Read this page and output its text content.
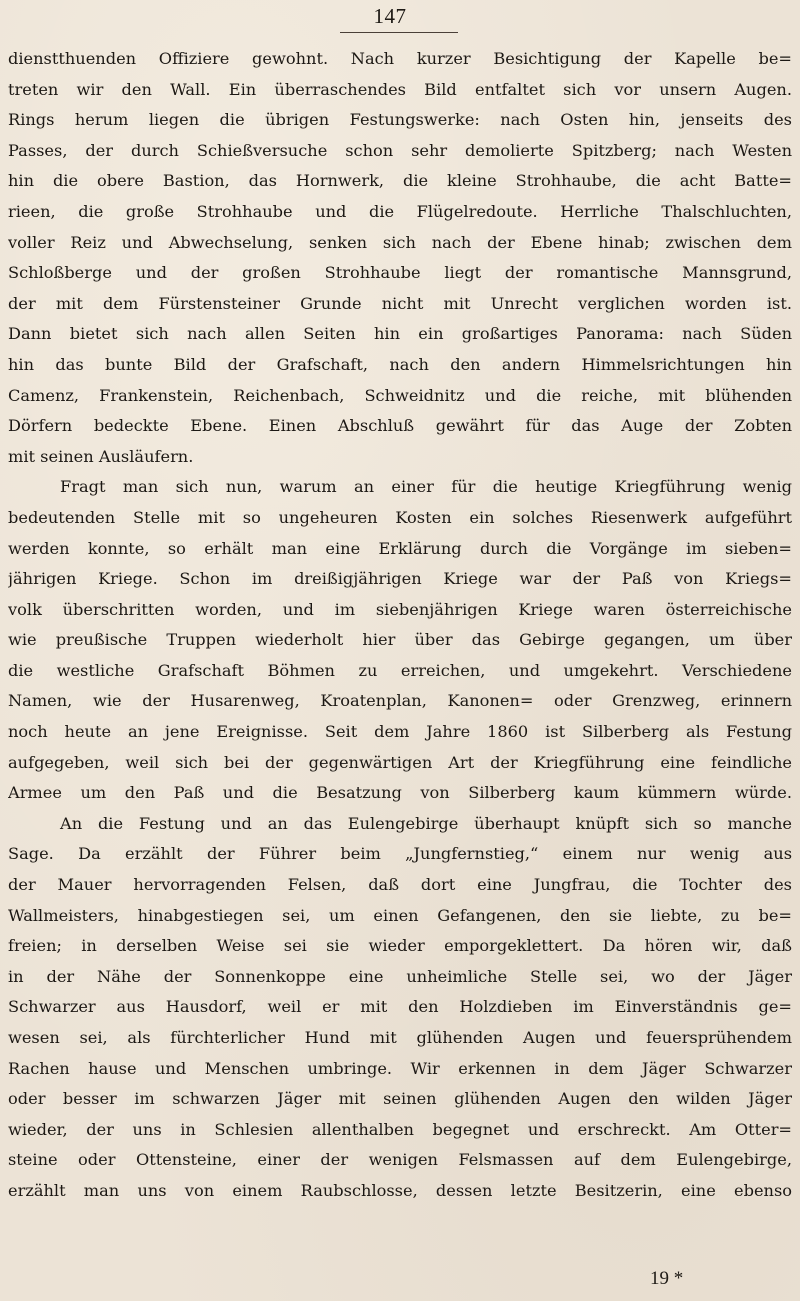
147
dienstthuenden Offiziere gewohnt. Nach kurzer Besichtigung der Kapelle be=
treten wir den Wall. Ein überraschendes Bild entfaltet sich vor unsern Augen.
Rings herum liegen die übrigen Festungswerke: nach Osten hin, jenseits des
Passes, der durch Schießversuche schon sehr demolierte Spitzberg; nach Westen
hin die obere Bastion, das Hornwerk, die kleine Strohhaube, die acht Batte=
rieen, die große Strohhaube und die Flügelredoute. Herrliche Thalschluchten,
voller Reiz und Abwechselung, senken sich nach der Ebene hinab; zwischen dem
Schloßberge und der großen Strohhaube liegt der romantische Mannsgrund,
der mit dem Fürstensteiner Grunde nicht mit Unrecht verglichen worden ist.
Dann bietet sich nach allen Seiten hin ein großartiges Panorama: nach Süden
hin das bunte Bild der Grafschaft, nach den andern Himmelsrichtungen hin
Camenz, Frankenstein, Reichenbach, Schweidnitz und die reiche, mit blühenden
Dörfern bedeckte Ebene. Einen Abschluß gewährt für das Auge der Zobten
mit seinen Ausläufern.
Fragt man sich nun, warum an einer für die heutige Kriegführung wenig
bedeutenden Stelle mit so ungeheuren Kosten ein solches Riesenwerk aufgeführt
werden konnte, so erhält man eine Erklärung durch die Vorgänge im sieben=
jährigen Kriege. Schon im dreißigjährigen Kriege war der Paß von Kriegs=
volk überschritten worden, und im siebenjährigen Kriege waren österreichische
wie preußische Truppen wiederholt hier über das Gebirge gegangen, um über
die westliche Grafschaft Böhmen zu erreichen, und umgekehrt. Verschiedene
Namen, wie der Husarenweg, Kroatenplan, Kanonen= oder Grenzweg, erinnern
noch heute an jene Ereignisse. Seit dem Jahre 1860 ist Silberberg als Festung
aufgegeben, weil sich bei der gegenwärtigen Art der Kriegführung eine feindliche
Armee um den Paß und die Besatzung von Silberberg kaum kümmern würde.
An die Festung und an das Eulengebirge überhaupt knüpft sich so manche
Sage. Da erzählt der Führer beim „Jungfernstieg,“ einem nur wenig aus
der Mauer hervorragenden Felsen, daß dort eine Jungfrau, die Tochter des
Wallmeisters, hinabgestiegen sei, um einen Gefangenen, den sie liebte, zu be=
freien; in derselben Weise sei sie wieder emporgeklettert. Da hören wir, daß
in der Nähe der Sonnenkoppe eine unheimliche Stelle sei, wo der Jäger
Schwarzer aus Hausdorf, weil er mit den Holzdieben im Einverständnis ge=
wesen sei, als fürchterlicher Hund mit glühenden Augen und feuersprühendem
Rachen hause und Menschen umbringe. Wir erkennen in dem Jäger Schwarzer
oder besser im schwarzen Jäger mit seinen glühenden Augen den wilden Jäger
wieder, der uns in Schlesien allenthalben begegnet und erschreckt. Am Otter=
steine oder Ottensteine, einer der wenigen Felsmassen auf dem Eulengebirge,
erzählt man uns von einem Raubschlosse, dessen letzte Besitzerin, eine ebenso
19 *
